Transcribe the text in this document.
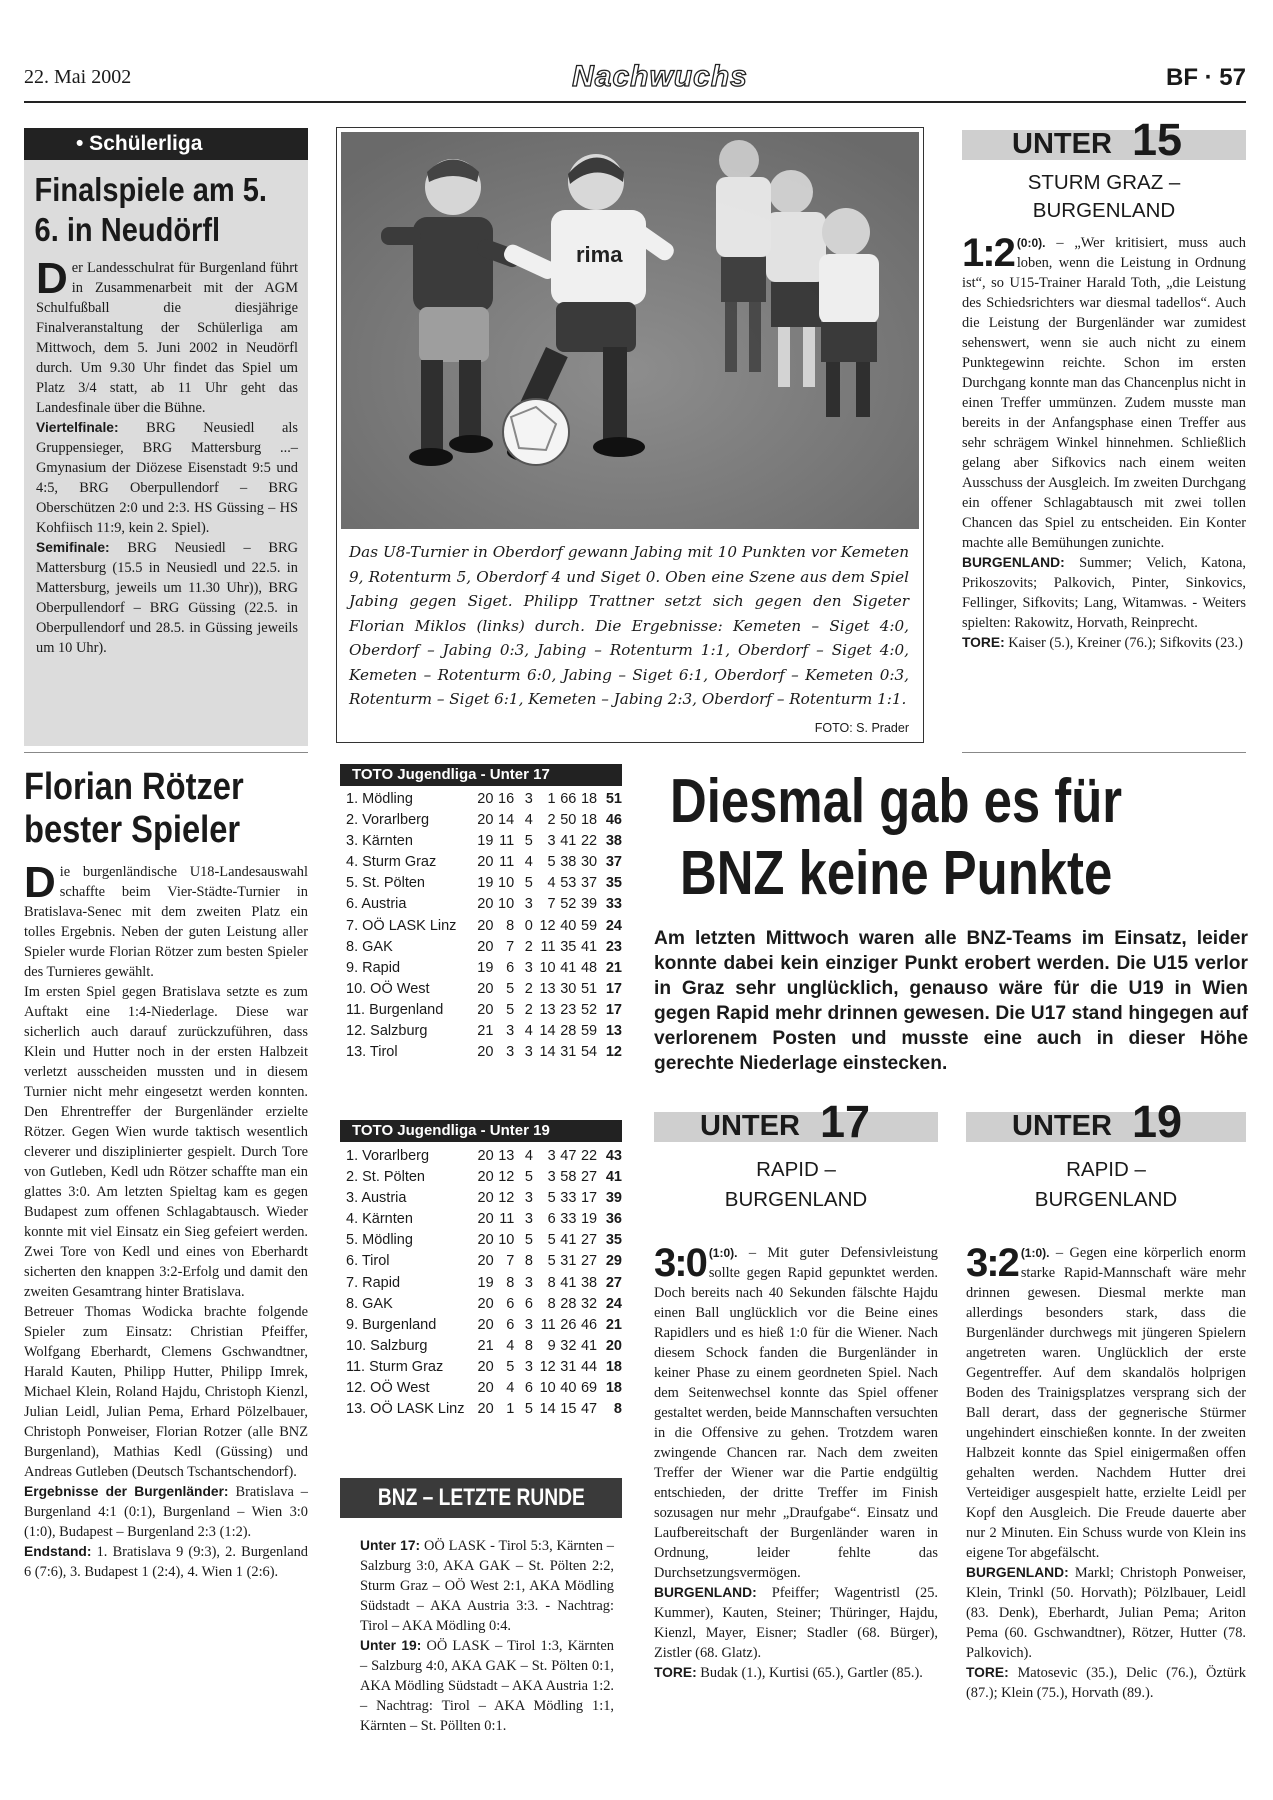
22. Mai 2002	Nachwuchs	BF · 57
• Schülerliga
Finalspiele am 5. 6. in Neudörfl
Der Landesschulrat für Burgenland führt in Zusammenarbeit mit der AGM Schulfußball die diesjährige Finalveranstaltung der Schülerliga am Mittwoch, dem 5. Juni 2002 in Neudörfl durch. Um 9.30 Uhr findet das Spiel um Platz 3/4 statt, ab 11 Uhr geht das Landesfinale über die Bühne.
Viertelfinale: BRG Neusiedl als Gruppensieger, BRG Mattersburg ...– Gmynasium der Diözese Eisenstadt 9:5 und 4:5, BRG Oberpullendorf – BRG Oberschützen 2:0 und 2:3. HS Güssing – HS Kohfiisch 11:9, kein 2. Spiel).
Semifinale: BRG Neusiedl – BRG Mattersburg (15.5 in Neusiedl und 22.5. in Mattersburg, jeweils um 11.30 Uhr)), BRG Oberpullendorf – BRG Güssing (22.5. in Oberpullendorf und 28.5. in Güssing jeweils um 10 Uhr).
rima
Das U8-Turnier in Oberdorf gewann Jabing mit 10 Punkten vor Kemeten 9, Rotenturm 5, Oberdorf 4 und Siget 0. Oben eine Szene aus dem Spiel Jabing gegen Siget. Philipp Trattner setzt sich gegen den Sigeter Florian Miklos (links) durch. Die Ergebnisse: Kemeten – Siget 4:0, Oberdorf – Jabing 0:3, Jabing – Rotenturm 1:1, Oberdorf – Siget 4:0, Kemeten – Rotenturm 6:0, Jabing – Siget 6:1, Oberdorf – Kemeten 0:3, Rotenturm – Siget 6:1, Kemeten – Jabing 2:3, Oberdorf – Rotenturm 1:1.
FOTO: S. Prader
UNTER 15
STURM GRAZ –
BURGENLAND
1:2 (0:0). – „Wer kritisiert, muss auch loben, wenn die Leistung in Ordnung ist“, so U15-Trainer Harald Toth, „die Leistung des Schiedsrichters war diesmal tadellos“. Auch die Leistung der Burgenländer war zumidest sehenswert, wenn sie auch nicht zu einem Punktegewinn reichte. Schon im ersten Durchgang konnte man das Chancenplus nicht in einen Treffer ummünzen. Zudem musste man bereits in der Anfangsphase einen Treffer aus sehr schrägem Winkel hinnehmen. Schließlich gelang aber Sifkovics nach einem weiten Ausschuss der Ausgleich. Im zweiten Durchgang ein offener Schlagabtausch mit zwei tollen Chancen das Spiel zu entscheiden. Ein Konter machte alle Bemühungen zunichte.
BURGENLAND: Summer; Velich, Katona, Prikoszovits; Palkovich, Pinter, Sinkovics, Fellinger, Sifkovits; Lang, Witamwas. - Weiters spielten: Rakowitz, Horvath, Reinprecht.
TORE: Kaiser (5.), Kreiner (76.); Sifkovits (23.)
Florian Rötzer bester Spieler
Die burgenländische U18-Landesauswahl schaffte beim Vier-Städte-Turnier in Bratislava-Senec mit dem zweiten Platz ein tolles Ergebnis. Neben der guten Leistung aller Spieler wurde Florian Rötzer zum besten Spieler des Turnieres gewählt.
Im ersten Spiel gegen Bratislava setzte es zum Auftakt eine 1:4-Niederlage. Diese war sicherlich auch darauf zurückzuführen, dass Klein und Hutter noch in der ersten Halbzeit verletzt ausscheiden mussten und in diesem Turnier nicht mehr eingesetzt werden konnten. Den Ehrentreffer der Burgenländer erzielte Rötzer. Gegen Wien wurde taktisch wesentlich cleverer und disziplinierter gespielt. Durch Tore von Gutleben, Kedl udn Rötzer schaffte man ein glattes 3:0. Am letzten Spieltag kam es gegen Budapest zum offenen Schlagabtausch. Wieder konnte mit viel Einsatz ein Sieg gefeiert werden. Zwei Tore von Kedl und eines von Eberhardt sicherten den knappen 3:2-Erfolg und damit den zweiten Gesamtrang hinter Bratislava.
Betreuer Thomas Wodicka brachte folgende Spieler zum Einsatz: Christian Pfeiffer, Wolfgang Eberhardt, Clemens Gschwandtner, Harald Kauten, Philipp Hutter, Philipp Imrek, Michael Klein, Roland Hajdu, Christoph Kienzl, Julian Leidl, Julian Pema, Erhard Pölzelbauer, Christoph Ponweiser, Florian Rotzer (alle BNZ Burgenland), Mathias Kedl (Güssing) und Andreas Gutleben (Deutsch Tschantschendorf).
Ergebnisse der Burgenländer: Bratislava – Burgenland 4:1 (0:1), Burgenland – Wien 3:0 (1:0), Budapest – Burgenland 2:3 (1:2).
Endstand: 1. Bratislava 9 (9:3), 2. Burgenland 6 (7:6), 3. Budapest 1 (2:4), 4. Wien 1 (2:6).
TOTO Jugendliga - Unter 17
1. Mödling	20	16	3	1	66	18	51
2. Vorarlberg	20	14	4	2	50	18	46
3. Kärnten	19	11	5	3	41	22	38
4. Sturm Graz	20	11	4	5	38	30	37
5. St. Pölten	19	10	5	4	53	37	35
6. Austria	20	10	3	7	52	39	33
7. OÖ LASK Linz	20	8	0	12	40	59	24
8. GAK	20	7	2	11	35	41	23
9. Rapid	19	6	3	10	41	48	21
10. OÖ West	20	5	2	13	30	51	17
11. Burgenland	20	5	2	13	23	52	17
12. Salzburg	21	3	4	14	28	59	13
13. Tirol	20	3	3	14	31	54	12
TOTO Jugendliga - Unter 19
1. Vorarlberg	20	13	4	3	47	22	43
2. St. Pölten	20	12	5	3	58	27	41
3. Austria	20	12	3	5	33	17	39
4. Kärnten	20	11	3	6	33	19	36
5. Mödling	20	10	5	5	41	27	35
6. Tirol	20	7	8	5	31	27	29
7. Rapid	19	8	3	8	41	38	27
8. GAK	20	6	6	8	28	32	24
9. Burgenland	20	6	3	11	26	46	21
10. Salzburg	21	4	8	9	32	41	20
11. Sturm Graz	20	5	3	12	31	44	18
12. OÖ West	20	4	6	10	40	69	18
13. OÖ LASK Linz	20	1	5	14	15	47	8
BNZ – LETZTE RUNDE
Unter 17: OÖ LASK - Tirol 5:3, Kärnten – Salzburg 3:0, AKA GAK – St. Pölten 2:2, Sturm Graz – OÖ West 2:1, AKA Mödling Südstadt – AKA Austria 3:3. - Nachtrag: Tirol – AKA Mödling 0:4.
Unter 19: OÖ LASK – Tirol 1:3, Kärnten – Salzburg 4:0, AKA GAK – St. Pölten 0:1, AKA Mödling Südstadt – AKA Austria 1:2. – Nachtrag: Tirol – AKA Mödling 1:1, Kärnten – St. Pöllten 0:1.
Diesmal gab es für
BNZ keine Punkte
Am letzten Mittwoch waren alle BNZ-Teams im Einsatz, leider konnte dabei kein einziger Punkt erobert werden. Die U15 verlor in Graz sehr unglücklich, genauso wäre für die U19 in Wien gegen Rapid mehr drinnen gewesen. Die U17 stand hingegen auf verlorenem Posten und musste eine auch in dieser Höhe gerechte Niederlage einstecken.
UNTER 17
RAPID –
BURGENLAND
3:0 (1:0). – Mit guter Defensivleistung sollte gegen Rapid gepunktet werden. Doch bereits nach 40 Sekunden fälschte Hajdu einen Ball unglücklich vor die Beine eines Rapidlers und es hieß 1:0 für die Wiener. Nach diesem Schock fanden die Burgenländer in keiner Phase zu einem geordneten Spiel. Nach dem Seitenwechsel konnte das Spiel offener gestaltet werden, beide Mannschaften versuchten in die Offensive zu gehen. Trotzdem waren zwingende Chancen rar. Nach dem zweiten Treffer der Wiener war die Partie endgültig entschieden, der dritte Treffer im Finish sozusagen nur mehr „Draufgabe“. Einsatz und Laufbereitschaft der Burgenländer waren in Ordnung, leider fehlte das Durchsetzungsvermögen.
BURGENLAND: Pfeiffer; Wagentristl (25. Kummer), Kauten, Steiner; Thüringer, Hajdu, Kienzl, Mayer, Eisner; Stadler (68. Bürger), Zistler (68. Glatz).
TORE: Budak (1.), Kurtisi (65.), Gartler (85.).
UNTER 19
RAPID –
BURGENLAND
3:2 (1:0). – Gegen eine körperlich enorm starke Rapid-Mannschaft wäre mehr drinnen gewesen. Diesmal merkte man allerdings besonders stark, dass die Burgenländer durchwegs mit jüngeren Spielern angetreten waren. Unglücklich der erste Gegentreffer. Auf dem skandalös holprigen Boden des Trainigsplatzes versprang sich der Ball derart, dass der gegnerische Stürmer ungehindert einschießen konnte. In der zweiten Halbzeit konnte das Spiel einigermaßen offen gehalten werden. Nachdem Hutter drei Verteidiger ausgespielt hatte, erzielte Leidl per Kopf den Ausgleich. Die Freude dauerte aber nur 2 Minuten. Ein Schuss wurde von Klein ins eigene Tor abgefälscht.
BURGENLAND: Markl; Christoph Ponweiser, Klein, Trinkl (50. Horvath); Pölzlbauer, Leidl (83. Denk), Eberhardt, Julian Pema; Ariton Pema (60. Gschwandtner), Rötzer, Hutter (78. Palkovich).
TORE: Matosevic (35.), Delic (76.), Öztürk (87.); Klein (75.), Horvath (89.).
